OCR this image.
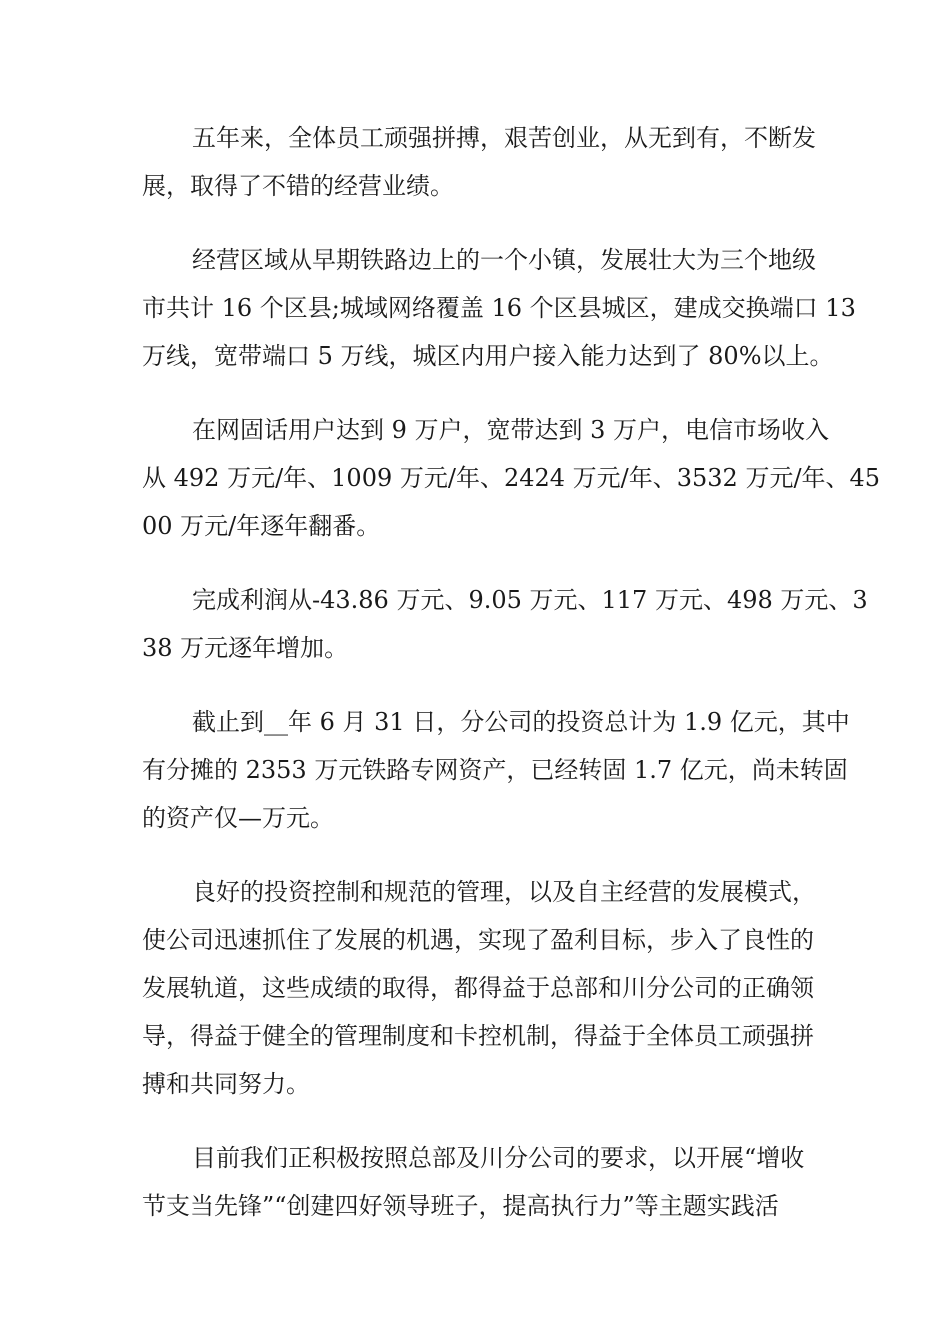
五年来，全体员工顽强拼搏，艰苦创业，从无到有，不断发
展，取得了不错的经营业绩。

经营区域从早期铁路边上的一个小镇，发展壮大为三个地级
市共计 16 个区县;城域网络覆盖 16 个区县城区，建成交换端口 13
万线，宽带端口 5 万线，城区内用户接入能力达到了 80%以上。

在网固话用户达到 9 万户，宽带达到 3 万户，电信市场收入
从 492 万元/年、1009 万元/年、2424 万元/年、3532 万元/年、45
00 万元/年逐年翻番。

完成利润从-43.86 万元、9.05 万元、117 万元、498 万元、3
38 万元逐年增加。

截止到__年 6 月 31 日，分公司的投资总计为 1.9 亿元，其中
有分摊的 2353 万元铁路专网资产，已经转固 1.7 亿元，尚未转固
的资产仅—万元。

良好的投资控制和规范的管理，以及自主经营的发展模式，
使公司迅速抓住了发展的机遇，实现了盈利目标，步入了良性的
发展轨道，这些成绩的取得，都得益于总部和川分公司的正确领
导，得益于健全的管理制度和卡控机制，得益于全体员工顽强拼
搏和共同努力。

目前我们正积极按照总部及川分公司的要求，以开展“增收
节支当先锋”“创建四好领导班子，提高执行力”等主题实践活
